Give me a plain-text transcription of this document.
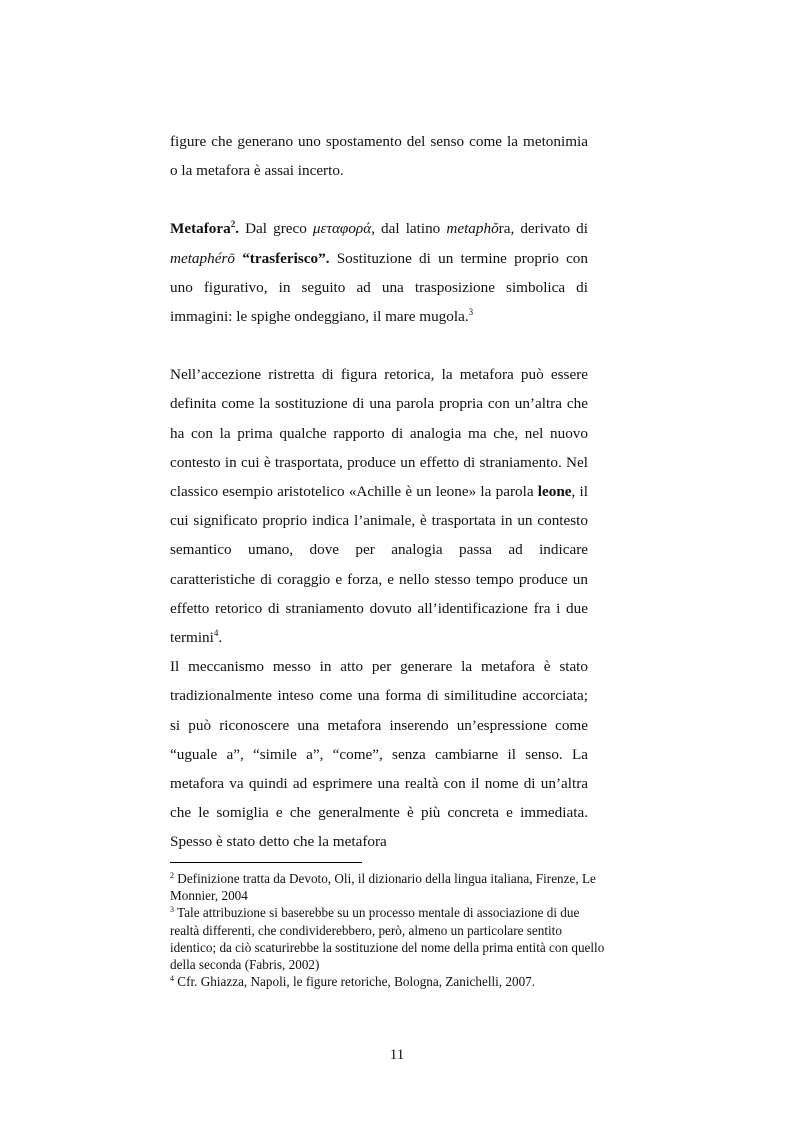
figure che generano uno spostamento del senso come la metonimia o la metafora è assai incerto.

Metafora$^2$. Dal greco μεταφορά, dal latino metaphŏra, derivato di metaphérō “trasferisco”. Sostituzione di un termine proprio con uno figurativo, in seguito ad una trasposizione simbolica di immagini: le spighe ondeggiano, il mare mugola.$^3$

Nell’accezione ristretta di figura retorica, la metafora può essere definita come la sostituzione di una parola propria con un’altra che ha con la prima qualche rapporto di analogia ma che, nel nuovo contesto in cui è trasportata, produce un effetto di straniamento. Nel classico esempio aristotelico «Achille è un leone» la parola leone, il cui significato proprio indica l’animale, è trasportata in un contesto semantico umano, dove per analogia passa ad indicare caratteristiche di coraggio e forza, e nello stesso tempo produce un effetto retorico di straniamento dovuto all’identificazione fra i due termini$^4$.

Il meccanismo messo in atto per generare la metafora è stato tradizionalmente inteso come una forma di similitudine accorciata; si può riconoscere una metafora inserendo un’espressione come “uguale a”, “simile a”, “come”, senza cambiarne il senso. La metafora va quindi ad esprimere una realtà con il nome di un’altra che le somiglia e che generalmente è più concreta e immediata. Spesso è stato detto che la metafora

$^2$ Definizione tratta da Devoto, Oli, il dizionario della lingua italiana, Firenze, Le Monnier, 2004

$^3$ Tale attribuzione si baserebbe su un processo mentale di associazione di due realtà differenti, che condividerebbero, però, almeno un particolare sentito identico; da ciò scaturirebbe la sostituzione del nome della prima entità con quello della seconda (Fabris, 2002)

$^4$ Cfr. Ghiazza, Napoli, le figure retoriche, Bologna, Zanichelli, 2007.

11
